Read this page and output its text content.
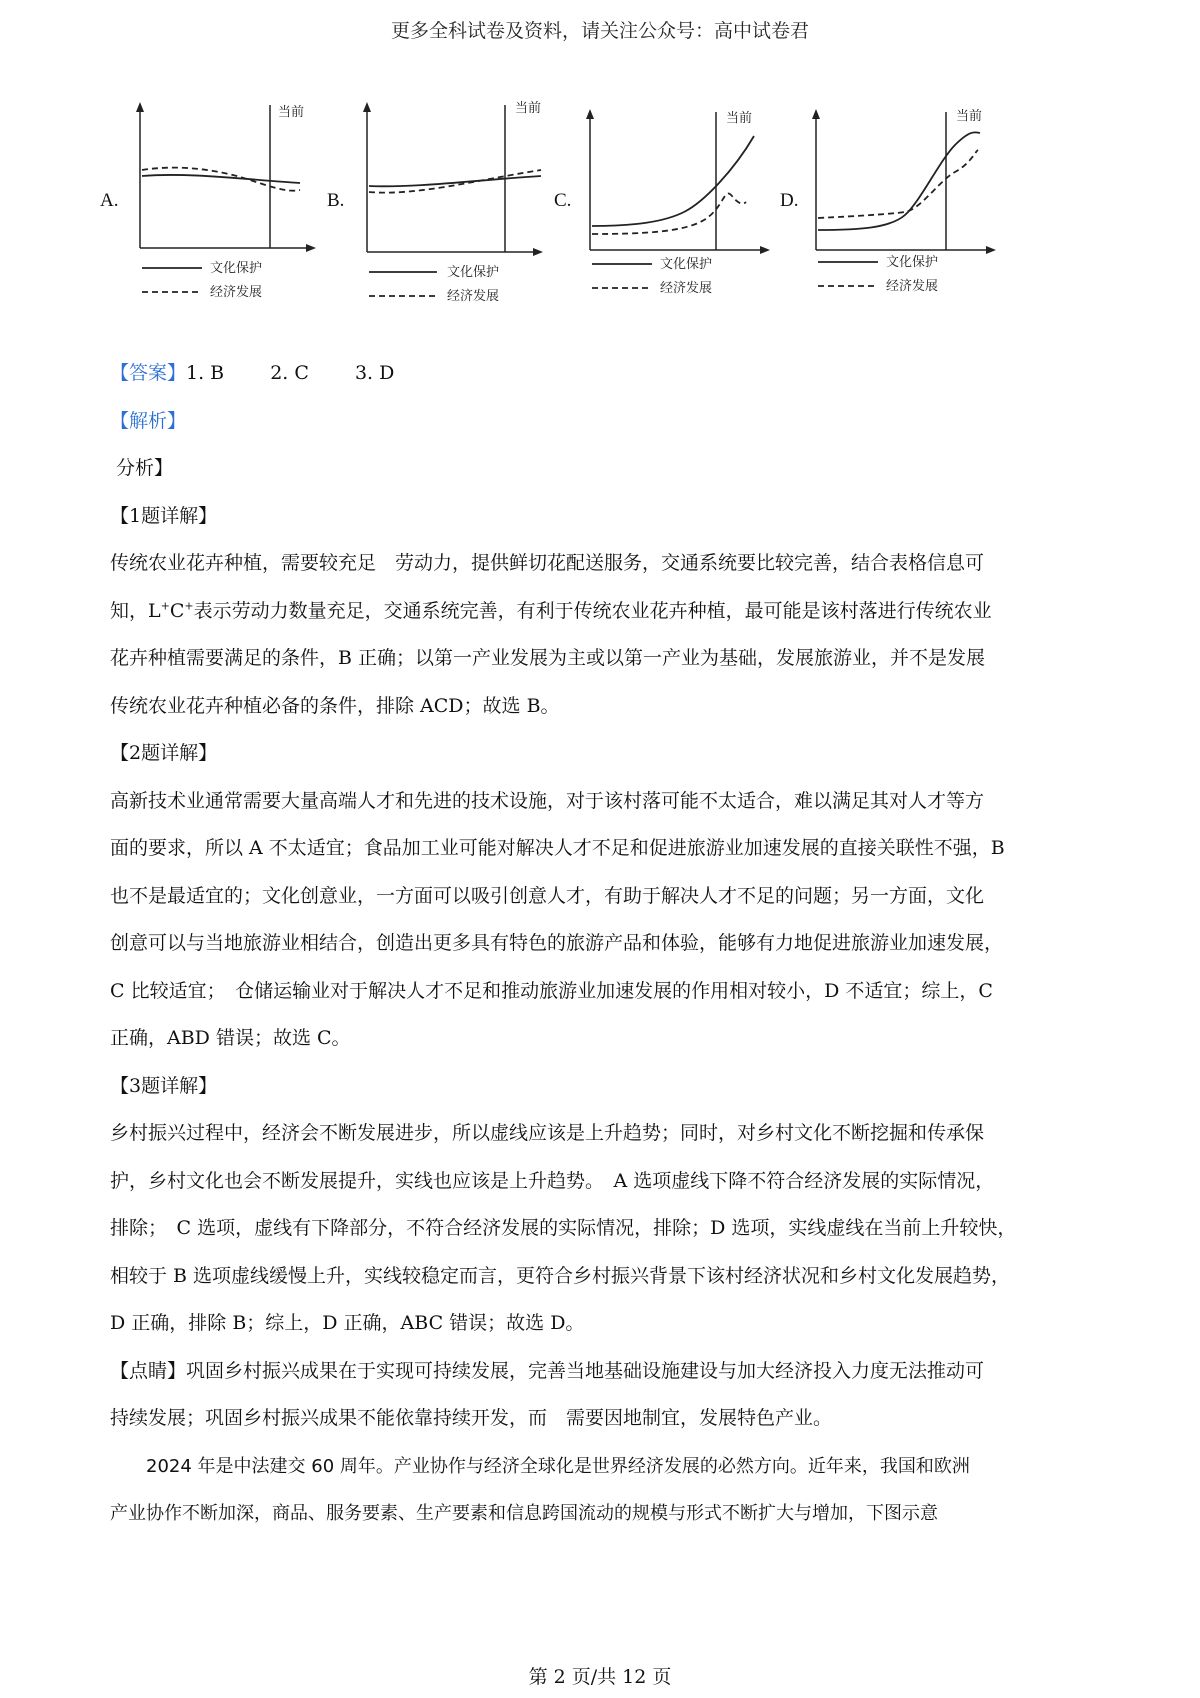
更多全科试卷及资料，请关注公众号：高中试卷君
A.
当前
文化保护
经济发展
B.
当前
文化保护
经济发展
C.
当前
文化保护
经济发展
D.
当前
文化保护
经济发展
【答案】1. B 2. C 3. D
【解析】
分析】
【1题详解】
传统农业花卉种植，需要较充足　劳动力，提供鲜切花配送服务，交通系统要比较完善，结合表格信息可
知，L+C+表示劳动力数量充足，交通系统完善，有利于传统农业花卉种植，最可能是该村落进行传统农业
花卉种植需要满足的条件，B 正确；以第一产业发展为主或以第一产业为基础，发展旅游业，并不是发展
传统农业花卉种植必备的条件，排除 ACD；故选 B。
【2题详解】
高新技术业通常需要大量高端人才和先进的技术设施，对于该村落可能不太适合，难以满足其对人才等方
面的要求，所以 A 不太适宜；食品加工业可能对解决人才不足和促进旅游业加速发展的直接关联性不强，B
也不是最适宜的；文化创意业，一方面可以吸引创意人才，有助于解决人才不足的问题；另一方面，文化
创意可以与当地旅游业相结合，创造出更多具有特色的旅游产品和体验，能够有力地促进旅游业加速发展，
C 比较适宜；　仓储运输业对于解决人才不足和推动旅游业加速发展的作用相对较小，D 不适宜；综上，C
正确，ABD 错误；故选 C。
【3题详解】
乡村振兴过程中，经济会不断发展进步，所以虚线应该是上升趋势；同时，对乡村文化不断挖掘和传承保
护，乡村文化也会不断发展提升，实线也应该是上升趋势。　A 选项虚线下降不符合经济发展的实际情况，
排除；　C 选项，虚线有下降部分，不符合经济发展的实际情况，排除；D 选项，实线虚线在当前上升较快，
相较于 B 选项虚线缓慢上升，实线较稳定而言，更符合乡村振兴背景下该村经济状况和乡村文化发展趋势，
D 正确，排除 B；综上，D 正确，ABC 错误；故选 D。
【点睛】巩固乡村振兴成果在于实现可持续发展，完善当地基础设施建设与加大经济投入力度无法推动可
持续发展；巩固乡村振兴成果不能依靠持续开发，而　需要因地制宜，发展特色产业。
2024 年是中法建交 60 周年。产业协作与经济全球化是世界经济发展的必然方向。近年来，我国和欧洲
产业协作不断加深，商品、服务要素、生产要素和信息跨国流动的规模与形式不断扩大与增加，下图示意
第 2 页/共 12 页
